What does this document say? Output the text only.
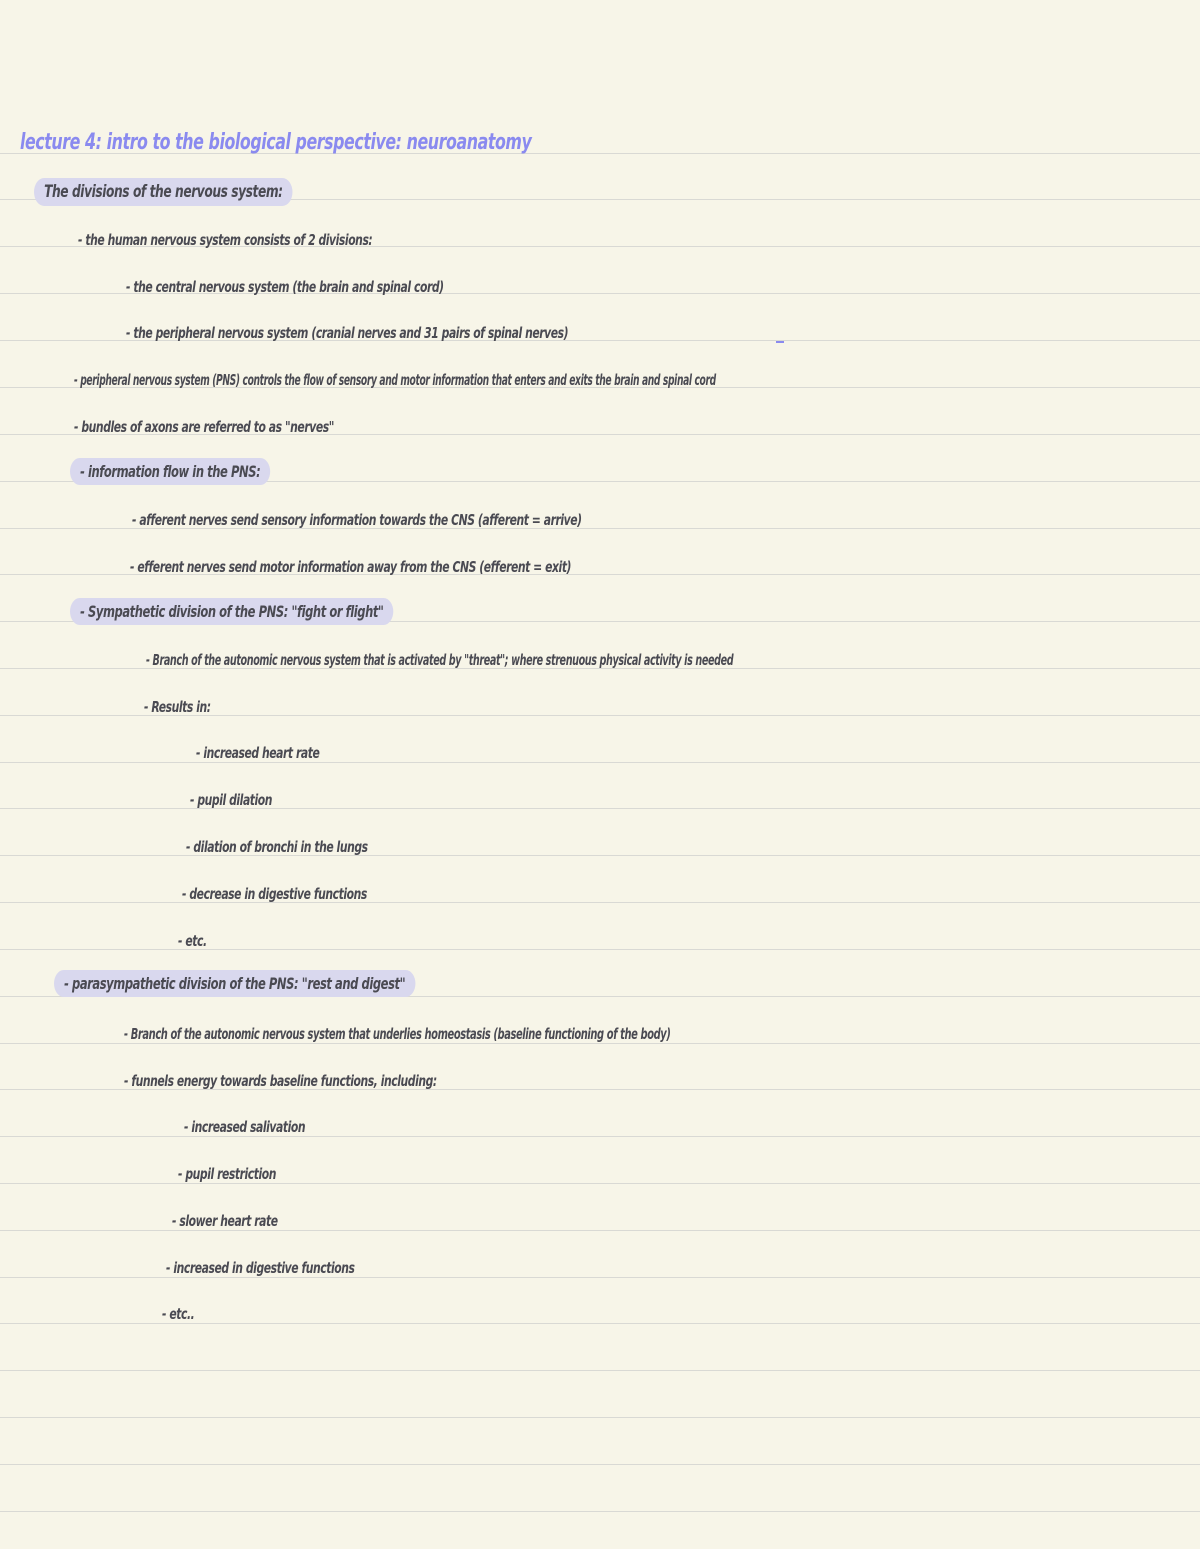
lecture 4: intro to the biological perspective: neuroanatomy
The divisions of the nervous system:
- the human nervous system consists of 2 divisions:
- the central nervous system (the brain and spinal cord)
- the peripheral nervous system (cranial nerves and 31 pairs of spinal nerves)
- peripheral nervous system (PNS) controls the flow of sensory and motor information that enters and exits the brain and spinal cord
- bundles of axons are referred to as "nerves"
- information flow in the PNS:
- afferent nerves send sensory information towards the CNS (afferent = arrive)
- efferent nerves send motor information away from the CNS (efferent = exit)
- Sympathetic division of the PNS: "fight or flight"
- Branch of the autonomic nervous system that is activated by "threat"; where strenuous physical activity is needed
- Results in:
- increased heart rate
- pupil dilation
- dilation of bronchi in the lungs
- decrease in digestive functions
- etc.
- parasympathetic division of the PNS: "rest and digest"
- Branch of the autonomic nervous system that underlies homeostasis (baseline functioning of the body)
- funnels energy towards baseline functions, including:
- increased salivation
- pupil restriction
- slower heart rate
- increased in digestive functions
- etc..
